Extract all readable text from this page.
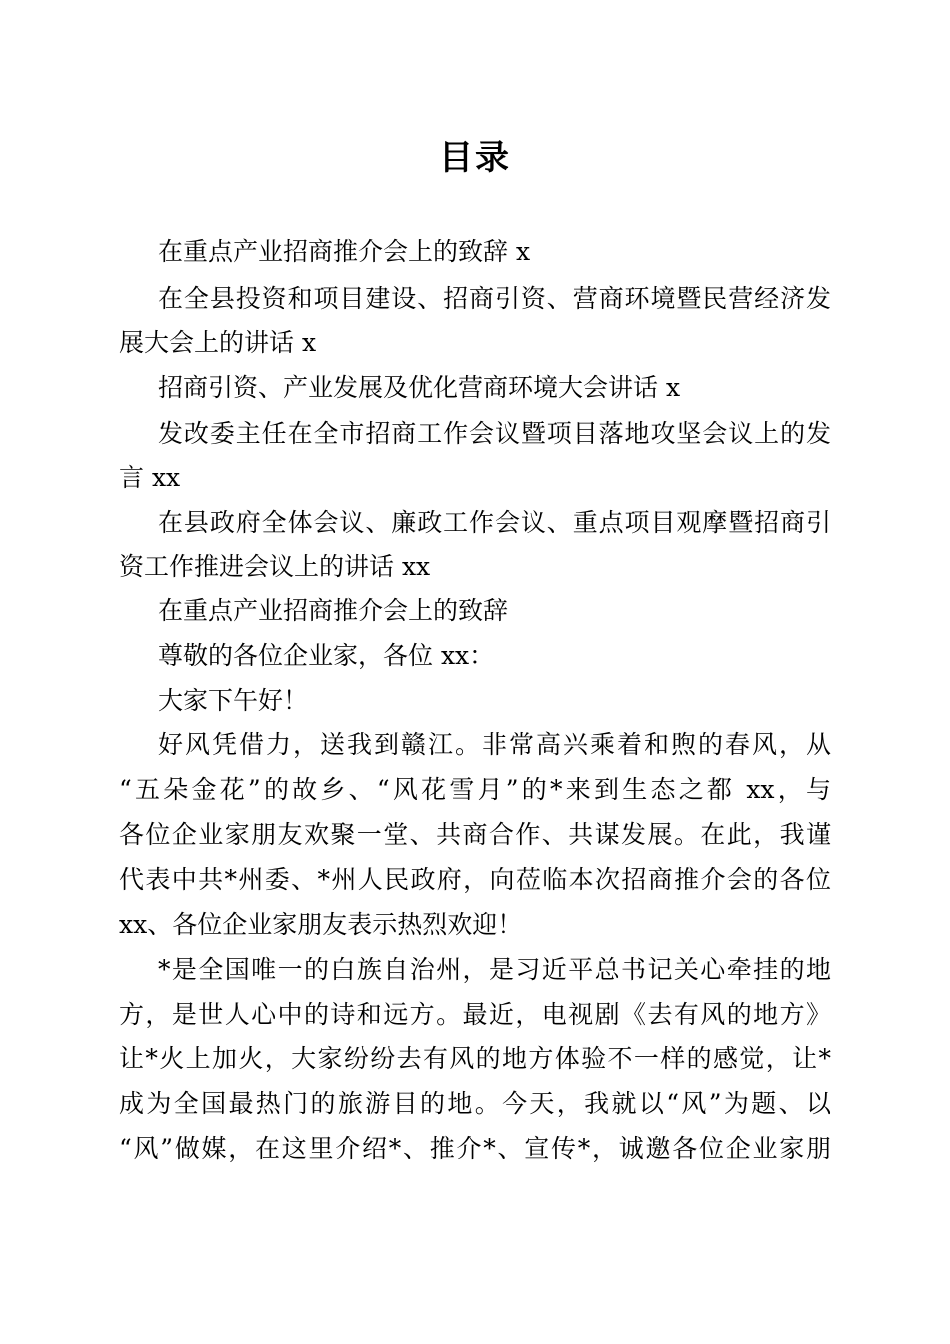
目录
在重点产业招商推介会上的致辞 x
在全县投资和项目建设、招商引资、营商环境暨民营经济发
展大会上的讲话 x
招商引资、产业发展及优化营商环境大会讲话 x
发改委主任在全市招商工作会议暨项目落地攻坚会议上的发
言 xx
在县政府全体会议、廉政工作会议、重点项目观摩暨招商引
资工作推进会议上的讲话 xx
在重点产业招商推介会上的致辞
尊敬的各位企业家，各位 xx：
大家下午好！
好风凭借力，送我到赣江。非常高兴乘着和煦的春风，从
“五朵金花”的故乡、“风花雪月”的*来到生态之都 xx，与
各位企业家朋友欢聚一堂、共商合作、共谋发展。在此，我谨
代表中共*州委、*州人民政府，向莅临本次招商推介会的各位
xx、各位企业家朋友表示热烈欢迎！
*是全国唯一的白族自治州，是习近平总书记关心牵挂的地
方，是世人心中的诗和远方。最近，电视剧《去有风的地方》
让*火上加火，大家纷纷去有风的地方体验不一样的感觉，让*
成为全国最热门的旅游目的地。今天，我就以“风”为题、以
“风”做媒，在这里介绍*、推介*、宣传*，诚邀各位企业家朋
